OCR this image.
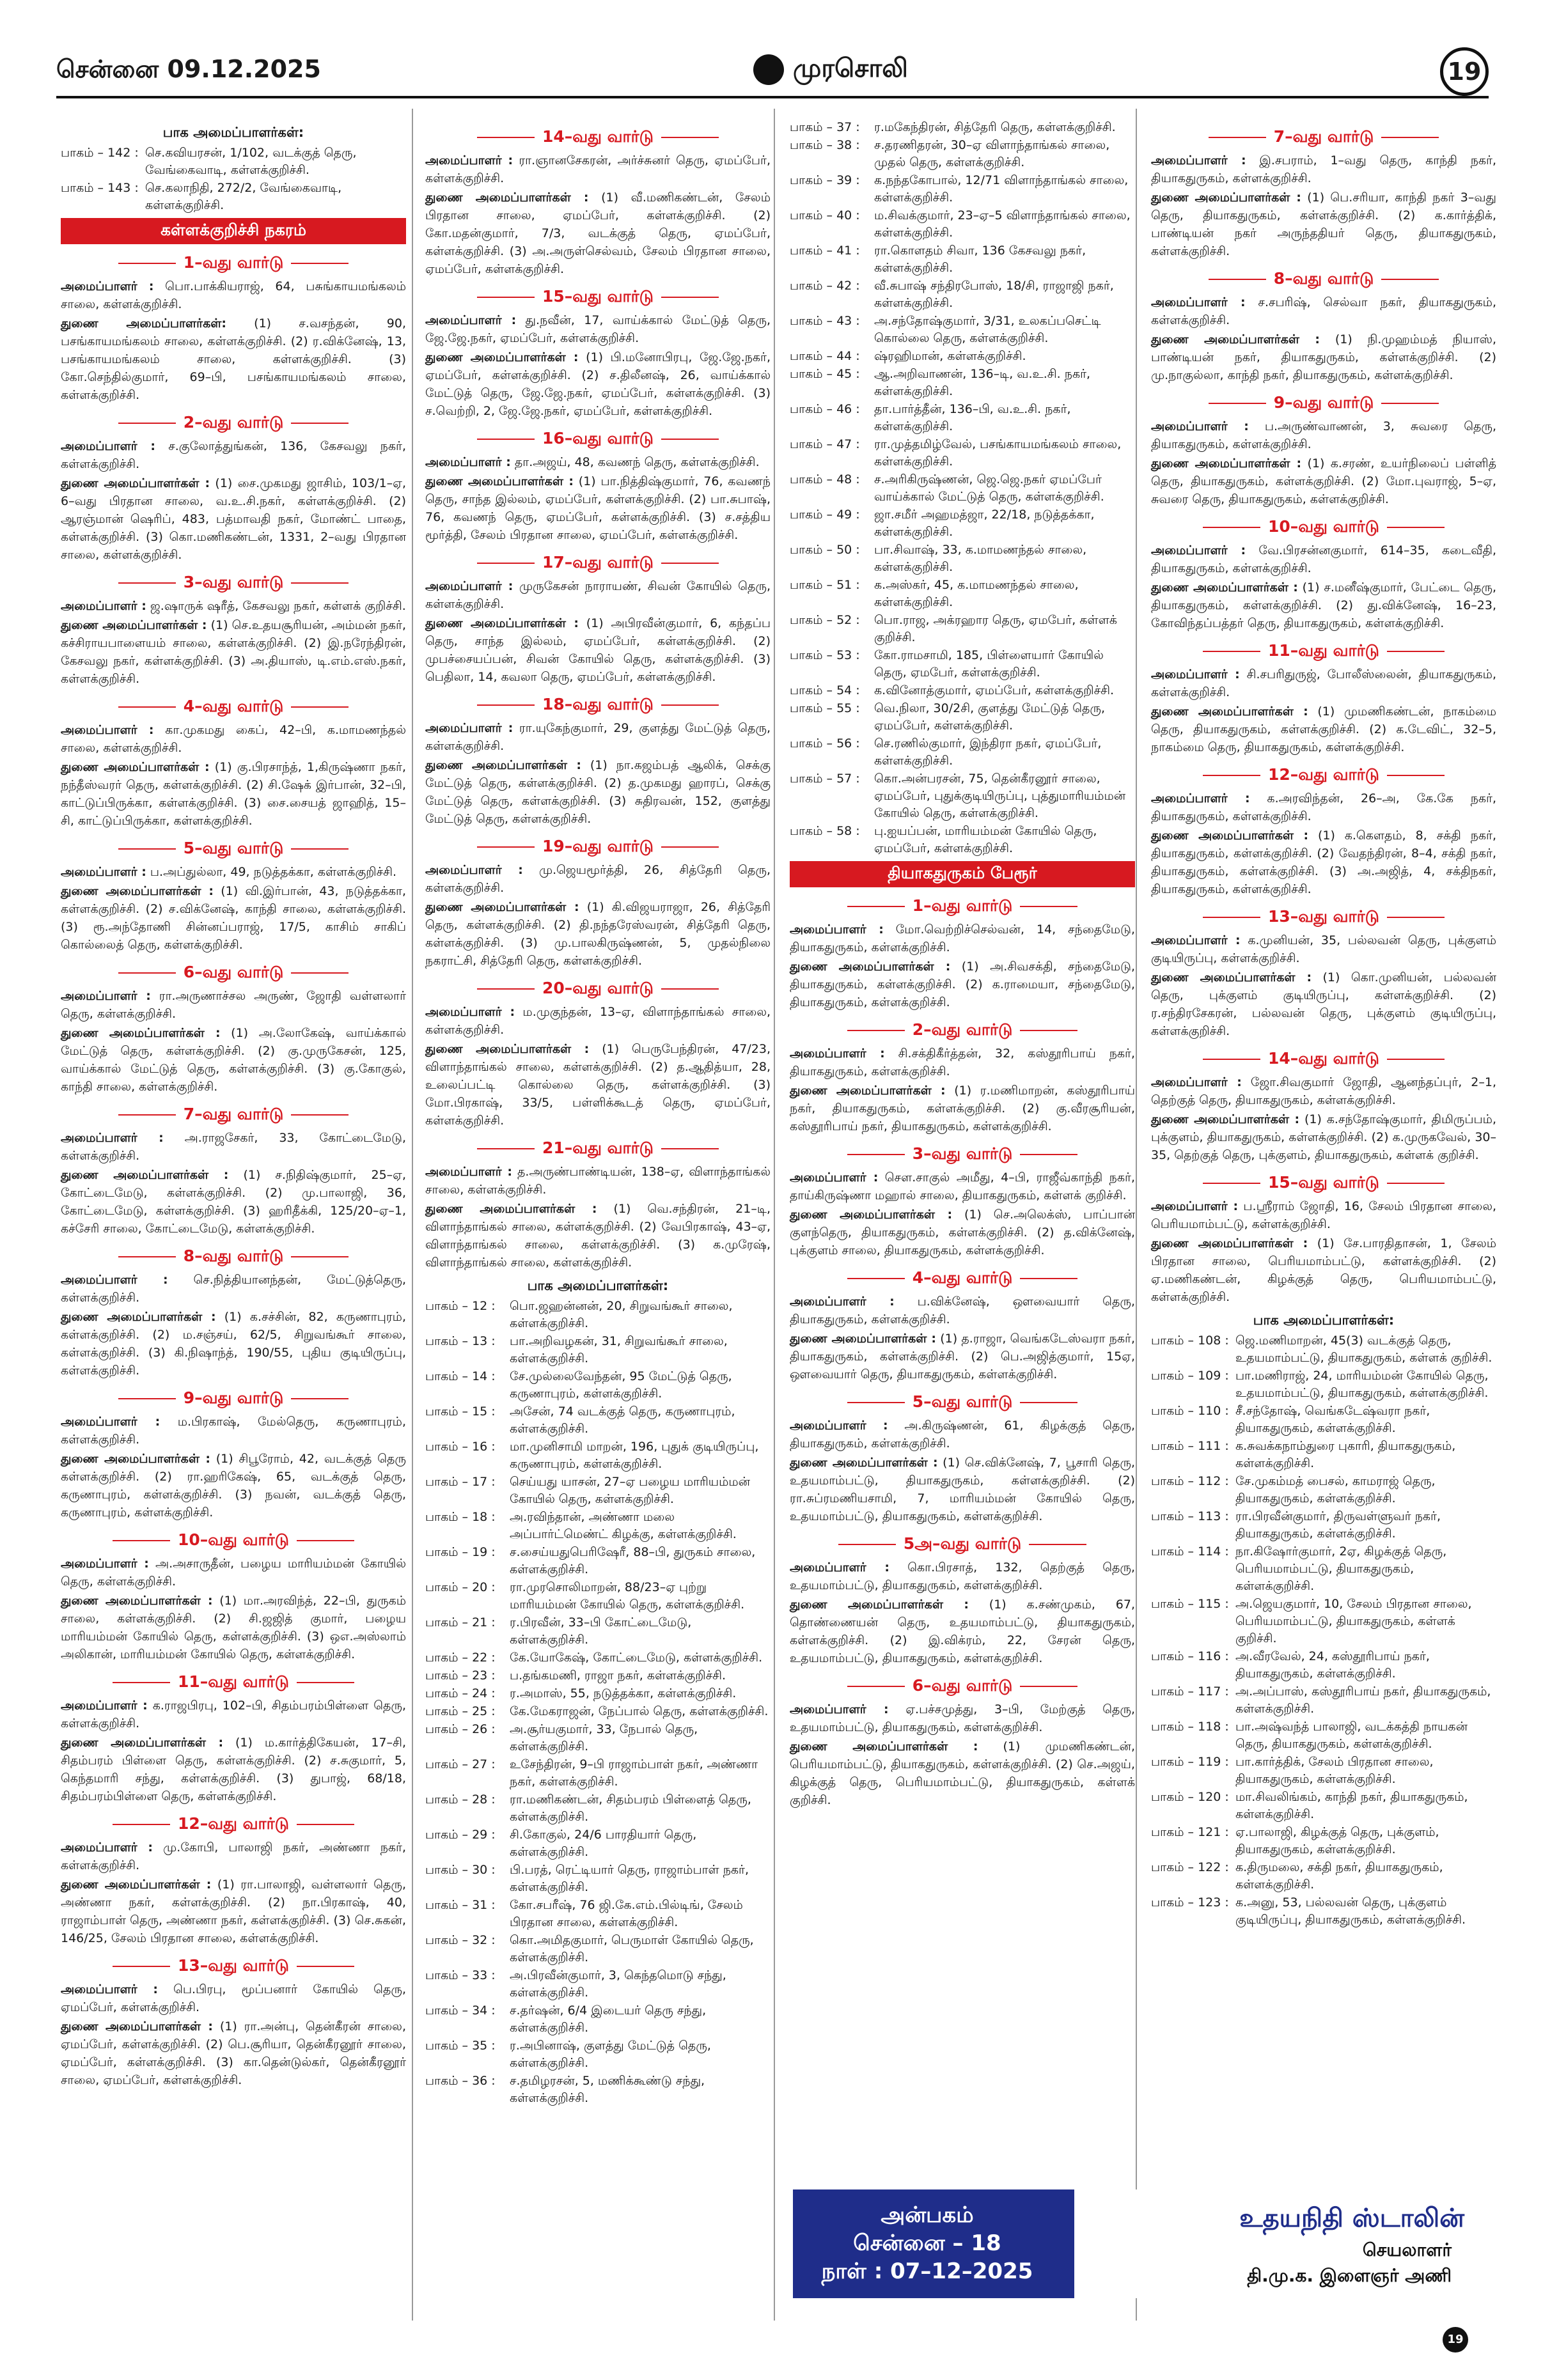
சென்னை 09.12.2025	முரசொலி	19
பாக அமைப்பாளர்கள்:
பாகம் – 142 : செ.கவியரசன், 1/102, வடக்குத் தெரு, வேங்கைவாடி, கள்ளக்குறிச்சி.
பாகம் – 143 : செ.கலாநிதி, 272/2, வேங்கைவாடி, கள்ளக்குறிச்சி.
கள்ளக்குறிச்சி நகரம்
1–வது வார்டு
அமைப்பாளர் : பொ.பாக்கியராஜ், 64, பசுங்காயமங்கலம் சாலை, கள்ளக்குறிச்சி.
துணை அமைப்பாளர்கள்: (1) ச.வசந்தன், 90, பசங்காயமங்கலம் சாலை, கள்ளக்குறிச்சி. (2) ர.விக்னேஷ், 13, பசங்காயமங்கலம் சாலை, கள்ளக்குறிச்சி. (3) கோ.செந்தில்குமார், 69–பி, பசங்காயமங்கலம் சாலை, கள்ளக்குறிச்சி.
2–வது வார்டு
அமைப்பாளர் : ச.குலோத்துங்கன், 136, கேசவலு நகர், கள்ளக்குறிச்சி.
துணை அமைப்பாளர்கள் : (1) சை.முகமது ஜாசிம், 103/1–ஏ, 6–வது பிரதான சாலை, வ.உ.சி.நகர், கள்ளக்குறிச்சி. (2) ஆரஞ்மான் ஷெரிப், 483, பத்மாவதி நகர், மோண்ட் பாதை, கள்ளக்குறிச்சி. (3) கொ.மணிகண்டன், 1331, 2–வது பிரதான சாலை, கள்ளக்குறிச்சி.
3–வது வார்டு
அமைப்பாளர் : ஜ.ஷாருக் ஷரீத், கேசவலு நகர், கள்ளக் குறிச்சி.
துணை அமைப்பாளர்கள் : (1) செ.உதயசூரியன், அம்மன் நகர், கச்சிராயபாளையம் சாலை, கள்ளக்குறிச்சி. (2) இ.நரேந்திரன், கேசவலு நகர், கள்ளக்குறிச்சி. (3) அ.தியாஸ், டி.எம்.எஸ்.நகர், கள்ளக்குறிச்சி.
4–வது வார்டு
அமைப்பாளர் : கா.முகமது கைப், 42–பி, க.மாமணந்தல் சாலை, கள்ளக்குறிச்சி.
துணை அமைப்பாளர்கள் : (1) கு.பிரசாந்த், 1,கிருஷ்ணா நகர், நந்தீஸ்வரர் தெரு, கள்ளக்குறிச்சி. (2) சி.ஷேக் இர்பான், 32–பி, காட்டுப்பிருக்கா, கள்ளக்குறிச்சி. (3) சை.சையத் ஜாஹித், 15–சி, காட்டுப்பிருக்கா, கள்ளக்குறிச்சி.
5–வது வார்டு
அமைப்பாளர் : ப.அப்துல்லா, 49, நடுத்தக்கா, கள்ளக்குறிச்சி.
துணை அமைப்பாளர்கள் : (1) வி.இர்பான், 43, நடுத்தக்கா, கள்ளக்குறிச்சி. (2) ச.விக்னேஷ், காந்தி சாலை, கள்ளக்குறிச்சி. (3) ரூ.அந்தோணி சின்னப்பராஜ், 17/5, காசிம் சாகிப் கொல்லைத் தெரு, கள்ளக்குறிச்சி.
6–வது வார்டு
அமைப்பாளர் : ரா.அருணாச்சல அருண், ஜோதி வள்ளலார் தெரு, கள்ளக்குறிச்சி.
துணை அமைப்பாளர்கள் : (1) அ.லோகேஷ், வாய்க்கால் மேட்டுத் தெரு, கள்ளக்குறிச்சி. (2) கு.முருகேசன், 125, வாய்க்கால் மேட்டுத் தெரு, கள்ளக்குறிச்சி. (3) கு.கோகுல், காந்தி சாலை, கள்ளக்குறிச்சி.
7–வது வார்டு
அமைப்பாளர் : அ.ராஜசேகர், 33, கோட்டைமேடு, கள்ளக்குறிச்சி.
துணை அமைப்பாளர்கள் : (1) ச.நிதிஷ்குமார், 25–ஏ, கோட்டைமேடு, கள்ளக்குறிச்சி. (2) மு.பாலாஜி, 36, கோட்டைமேடு, கள்ளக்குறிச்சி. (3) ஹரிதீக்கி, 125/20–ஏ–1, கச்சேரி சாலை, கோட்டைமேடு, கள்ளக்குறிச்சி.
8–வது வார்டு
அமைப்பாளர் : செ.நித்தியானந்தன், மேட்டுத்தெரு, கள்ளக்குறிச்சி.
துணை அமைப்பாளர்கள் : (1) க.சச்சின், 82, கருணாபுரம், கள்ளக்குறிச்சி. (2) ம.சஞ்சய், 62/5, சிறுவங்கூர் சாலை, கள்ளக்குறிச்சி. (3) கி.நிஷாந்த், 190/55, புதிய குடியிருப்பு, கள்ளக்குறிச்சி.
9–வது வார்டு
அமைப்பாளர் : ம.பிரகாஷ், மேல்தெரு, கருணாபுரம், கள்ளக்குறிச்சி.
துணை அமைப்பாளர்கள் : (1) சிபூரோம், 42, வடக்குத் தெரு கள்ளக்குறிச்சி. (2) ரா.ஹரிகேஷ், 65, வடக்குத் தெரு, கருணாபுரம், கள்ளக்குறிச்சி. (3) நவன், வடக்குத் தெரு, கருணாபுரம், கள்ளக்குறிச்சி.
10–வது வார்டு
அமைப்பாளர் : அ.அசாருதீன், பழைய மாரியம்மன் கோயில் தெரு, கள்ளக்குறிச்சி.
துணை அமைப்பாளர்கள் : (1) மா.அரவிந்த், 22–பி, துருகம் சாலை, கள்ளக்குறிச்சி. (2) சி.ஜஜித் குமார், பழைய மாரியம்மன் கோயில் தெரு, கள்ளக்குறிச்சி. (3) ஒஎ.அஸ்லாம் அலிகான், மாரியம்மன் கோயில் தெரு, கள்ளக்குறிச்சி.
11–வது வார்டு
அமைப்பாளர் : க.ராஜபிரபு, 102–பி, சிதம்பரம்பிள்ளை தெரு, கள்ளக்குறிச்சி.
துணை அமைப்பாளர்கள் : (1) ம.கார்த்திகேயன், 17–சி, சிதம்பரம் பிள்ளை தெரு, கள்ளக்குறிச்சி. (2) ச.சுகுமார், 5, கெந்தமாரி சந்து, கள்ளக்குறிச்சி. (3) துபாஜ், 68/18, சிதம்பரம்பிள்ளை தெரு, கள்ளக்குறிச்சி.
12–வது வார்டு
அமைப்பாளர் : மு.கோபி, பாலாஜி நகர், அண்ணா நகர், கள்ளக்குறிச்சி.
துணை அமைப்பாளர்கள் : (1) ரா.பாலாஜி, வள்ளலார் தெரு, அண்ணா நகர், கள்ளக்குறிச்சி. (2) நா.பிரகாஷ், 40, ராஜாம்பாள் தெரு, அண்ணா நகர், கள்ளக்குறிச்சி. (3) செ.சுகன், 146/25, சேலம் பிரதான சாலை, கள்ளக்குறிச்சி.
13–வது வார்டு
அமைப்பாளர் : பெ.பிரபு, மூப்பனார் கோயில் தெரு, ஏமப்பேர், கள்ளக்குறிச்சி.
துணை அமைப்பாளர்கள் : (1) ரா.அன்பு, தென்கீரன் சாலை, ஏமப்பேர், கள்ளக்குறிச்சி. (2) பெ.சூரியா, தென்கீரனூர் சாலை, ஏமப்பேர், கள்ளக்குறிச்சி. (3) கா.தென்டுல்கர், தென்கீரனூர் சாலை, ஏமப்பேர், கள்ளக்குறிச்சி.
14–வது வார்டு
அமைப்பாளர் : ரா.ஞானசேகரன், அர்ச்சுனர் தெரு, ஏமப்பேர், கள்ளக்குறிச்சி.
துணை அமைப்பாளர்கள் : (1) வீ.மணிகண்டன், சேலம் பிரதான சாலை, ஏமப்பேர், கள்ளக்குறிச்சி. (2) கோ.மதன்குமார், 7/3, வடக்குத் தெரு, ஏமப்பேர், கள்ளக்குறிச்சி. (3) அ.அருள்செல்வம், சேலம் பிரதான சாலை, ஏமப்பேர், கள்ளக்குறிச்சி.
15–வது வார்டு
அமைப்பாளர் : து.நவீன், 17, வாய்க்கால் மேட்டுத் தெரு, ஜே.ஜே.நகர், ஏமப்பேர், கள்ளக்குறிச்சி.
துணை அமைப்பாளர்கள் : (1) பி.மனோபிரபு, ஜே.ஜே.நகர், ஏமப்பேர், கள்ளக்குறிச்சி. (2) ச.திலீனஷ், 26, வாய்க்கால் மேட்டுத் தெரு, ஜே.ஜே.நகர், ஏமப்பேர், கள்ளக்குறிச்சி. (3) ச.வெற்றி, 2, ஜே.ஜே.நகர், ஏமப்பேர், கள்ளக்குறிச்சி.
16–வது வார்டு
அமைப்பாளர் : தா.அஜய், 48, கவணந் தெரு, கள்ளக்குறிச்சி.
துணை அமைப்பாளர்கள் : (1) பா.நித்திஷ்குமார், 76, கவணந் தெரு, சாந்த இல்லம், ஏமப்பேர், கள்ளக்குறிச்சி. (2) பா.சுபாஷ், 76, கவணந் தெரு, ஏமப்பேர், கள்ளக்குறிச்சி. (3) ச.சத்திய மூர்த்தி, சேலம் பிரதான சாலை, ஏமப்பேர், கள்ளக்குறிச்சி.
17–வது வார்டு
அமைப்பாளர் : முருகேசன் நாராயண், சிவன் கோயில் தெரு, கள்ளக்குறிச்சி.
துணை அமைப்பாளர்கள் : (1) அபிரவீன்குமார், 6, கந்தப்ப தெரு, சாந்த இல்லம், ஏமப்பேர், கள்ளக்குறிச்சி. (2) முபச்சையப்பன், சிவன் கோயில் தெரு, கள்ளக்குறிச்சி. (3) பெதிலா, 14, கவலா தெரு, ஏமப்பேர், கள்ளக்குறிச்சி.
18–வது வார்டு
அமைப்பாளர் : ரா.யுகேந்குமார், 29, குளத்து மேட்டுத் தெரு, கள்ளக்குறிச்சி.
துணை அமைப்பாளர்கள் : (1) நா.கஜம்பத் ஆலிக், செக்கு மேட்டுத் தெரு, கள்ளக்குறிச்சி. (2) த.முகமது ஹாரப், செக்கு மேட்டுத் தெரு, கள்ளக்குறிச்சி. (3) சுதிரவன், 152, குளத்து மேட்டுத் தெரு, கள்ளக்குறிச்சி.
19–வது வார்டு
அமைப்பாளர் : மு.ஜெயமூர்த்தி, 26, சித்தேரி தெரு, கள்ளக்குறிச்சி.
துணை அமைப்பாளர்கள் : (1) கி.விஜயராஜா, 26, சித்தேரி தெரு, கள்ளக்குறிச்சி. (2) தி.நந்தரேஸ்வரன், சித்தேரி தெரு, கள்ளக்குறிச்சி. (3) மு.பாலகிருஷ்ணன், 5, முதல்நிலை நகராட்சி, சித்தேரி தெரு, கள்ளக்குறிச்சி.
20–வது வார்டு
அமைப்பாளர் : ம.முகுந்தன், 13–ஏ, விளாந்தாங்கல் சாலை, கள்ளக்குறிச்சி.
துணை அமைப்பாளர்கள் : (1) பெருபேந்திரன், 47/23, விளாந்தாங்கல் சாலை, கள்ளக்குறிச்சி. (2) த.ஆதித்யா, 28, உலைப்பட்டி கொல்லை தெரு, கள்ளக்குறிச்சி. (3) மோ.பிரகாஷ், 33/5, பள்ளிக்கூடத் தெரு, ஏமப்பேர், கள்ளக்குறிச்சி.
21–வது வார்டு
அமைப்பாளர் : த.அருண்பாண்டியன், 138–ஏ, விளாந்தாங்கல் சாலை, கள்ளக்குறிச்சி.
துணை அமைப்பாளர்கள் : (1) வெ.சந்திரன், 21–டி, விளாந்தாங்கல் சாலை, கள்ளக்குறிச்சி. (2) வேபிரகாஷ், 43–ஏ, விளாந்தாங்கல் சாலை, கள்ளக்குறிச்சி. (3) க.முரேஷ், விளாந்தாங்கல் சாலை, கள்ளக்குறிச்சி.
பாக அமைப்பாளர்கள்:
பாகம் – 12 :	பொ.ஜஹன்னன், 20, சிறுவங்கூர் சாலை, கள்ளக்குறிச்சி.
பாகம் – 13 :	பா.அறிவழகன், 31, சிறுவங்கூர் சாலை, கள்ளக்குறிச்சி.
பாகம் – 14 :	சே.முல்லைவேந்தன், 95 மேட்டுத் தெரு, கருணாபுரம், கள்ளக்குறிச்சி.
பாகம் – 15 :	அசேன், 74 வடக்குத் தெரு, கருணாபுரம், கள்ளக்குறிச்சி.
பாகம் – 16 :	மா.முனிசாமி மாறன், 196, புதுக் குடியிருப்பு, கருணாபுரம், கள்ளக்குறிச்சி.
பாகம் – 17 :	செய்யது யாசன், 27–ஏ பழைய மாரியம்மன் கோயில் தெரு, கள்ளக்குறிச்சி.
பாகம் – 18 :	அ.ரவிந்தான், அண்ணா மலை அப்பார்ட்மெண்ட் கிழக்கு, கள்ளக்குறிச்சி.
பாகம் – 19 :	ச.சைய்யதுபெரிஷேரீ, 88–பி, துருகம் சாலை, கள்ளக்குறிச்சி.
பாகம் – 20 :	ரா.முரசொலிமாறன், 88/23–ஏ புற்று மாரியம்மன் கோயில் தெரு, கள்ளக்குறிச்சி.
பாகம் – 21 :	ர.பிரவீன், 33–பி கோட்டைமேடு, கள்ளக்குறிச்சி.
பாகம் – 22 :	கே.யோகேஷ், கோட்டைமேடு, கள்ளக்குறிச்சி.
பாகம் – 23 :	ப.தங்கமணி, ராஜா நகர், கள்ளக்குறிச்சி.
பாகம் – 24 :	ர.அமாஸ், 55, நடுத்தக்கா, கள்ளக்குறிச்சி.
பாகம் – 25 :	கே.மேகராஜன், நேப்பால் தெரு, கள்ளக்குறிச்சி.
பாகம் – 26 :	அ.சூர்யகுமார், 33, நேபால் தெரு, கள்ளக்குறிச்சி.
பாகம் – 27 :	உசேந்திரன், 9–பி ராஜாம்பாள் நகர், அண்ணா நகர், கள்ளக்குறிச்சி.
பாகம் – 28 :	ரா.மணிகண்டன், சிதம்பரம் பிள்ளைத் தெரு, கள்ளக்குறிச்சி.
பாகம் – 29 :	சி.கோகுல், 24/6 பாரதியார் தெரு, கள்ளக்குறிச்சி.
பாகம் – 30 :	பி.பரத், ரெட்டியார் தெரு, ராஜாம்பாள் நகர், கள்ளக்குறிச்சி.
பாகம் – 31 :	கோ.சபரீஷ், 76 ஜி.கே.எம்.பில்டிங், சேலம் பிரதான சாலை, கள்ளக்குறிச்சி.
பாகம் – 32 :	கொ.அமிதகுமார், பெருமாள் கோயில் தெரு, கள்ளக்குறிச்சி.
பாகம் – 33 :	அ.பிரவீன்குமார், 3, கெந்தமொடு சந்து, கள்ளக்குறிச்சி.
பாகம் – 34 :	ச.தர்ஷன், 6/4 இடையர் தெரு சந்து, கள்ளக்குறிச்சி.
பாகம் – 35 :	ர.அபினாஷ், குளத்து மேட்டுத் தெரு, கள்ளக்குறிச்சி.
பாகம் – 36 :	ச.தமிழரசன், 5, மணிக்கூண்டு சந்து, கள்ளக்குறிச்சி.
பாகம் – 37 :	ர.மகேந்திரன், சித்தேரி தெரு, கள்ளக்குறிச்சி.
பாகம் – 38 :	ச.தரணிதரன், 30–ஏ விளாந்தாங்கல் சாலை, முதல் தெரு, கள்ளக்குறிச்சி.
பாகம் – 39 :	க.நந்தகோபால், 12/71 விளாந்தாங்கல் சாலை, கள்ளக்குறிச்சி.
பாகம் – 40 :	ம.சிவக்குமார், 23–ஏ–5 விளாந்தாங்கல் சாலை, கள்ளக்குறிச்சி.
பாகம் – 41 :	ரா.கொளதம் சிவா, 136 கேசவலு நகர், கள்ளக்குறிச்சி.
பாகம் – 42 :	வீ.சுபாஷ் சந்திரபோஸ், 18/சி, ராஜாஜி நகர், கள்ளக்குறிச்சி.
பாகம் – 43 :	அ.சந்தோஷ்குமார், 3/31, உலகப்பசெட்டி கொல்லை தெரு, கள்ளக்குறிச்சி.
பாகம் – 44 :	ஷ்ரஹிமான், கள்ளக்குறிச்சி.
பாகம் – 45 :	ஆ.அறிவாணன், 136–டி, வ.உ.சி. நகர், கள்ளக்குறிச்சி.
பாகம் – 46 :	தா.பார்த்தீன், 136–பி, வ.உ.சி. நகர், கள்ளக்குறிச்சி.
பாகம் – 47 :	ரா.முத்தமிழ்வேல், பசங்காயமங்கலம் சாலை, கள்ளக்குறிச்சி.
பாகம் – 48 :	ச.அரிகிருஷ்ணன், ஜெ.ஜெ.நகர் ஏமப்பேர் வாய்க்கால் மேட்டுத் தெரு, கள்ளக்குறிச்சி.
பாகம் – 49 :	ஜா.சமீர் அஹமத்ஜா, 22/18, நடுத்தக்கா, கள்ளக்குறிச்சி.
பாகம் – 50 :	பா.சிவாஷ், 33, க.மாமணந்தல் சாலை, கள்ளக்குறிச்சி.
பாகம் – 51 :	க.அஸ்கர், 45, க.மாமணந்தல் சாலை, கள்ளக்குறிச்சி.
பாகம் – 52 :	பொ.ராஜ, அக்ரஹார தெரு, ஏமபேர், கள்ளக் குறிச்சி.
பாகம் – 53 :	கோ.ராமசாமி, 185, பிள்ளையார் கோயில் தெரு, ஏமபேர், கள்ளக்குறிச்சி.
பாகம் – 54 :	க.வினோத்குமார், ஏமப்பேர், கள்ளக்குறிச்சி.
பாகம் – 55 :	வெ.நிலா, 30/2சி, குளத்து மேட்டுத் தெரு, ஏமப்பேர், கள்ளக்குறிச்சி.
பாகம் – 56 :	செ.ரணில்குமார், இந்திரா நகர், ஏமப்பேர், கள்ளக்குறிச்சி.
பாகம் – 57 :	கொ.அன்பரசன், 75, தென்கீரனூர் சாலை, ஏமப்பேர், புதுக்குடியிருப்பு, புத்துமாரியம்மன் கோயில் தெரு, கள்ளக்குறிச்சி.
பாகம் – 58 :	பு.ஐயப்பன், மாரியம்மன் கோயில் தெரு, ஏமப்பேர், கள்ளக்குறிச்சி.
தியாகதுருகம் பேரூர்
1–வது வார்டு
அமைப்பாளர் : மோ.வெற்றிச்செல்வன், 14, சந்தைமேடு, தியாகதுருகம், கள்ளக்குறிச்சி.
துணை அமைப்பாளர்கள் : (1) அ.சிவசக்தி, சந்தைமேடு, தியாகதுருகம், கள்ளக்குறிச்சி. (2) க.ராமையா, சந்தைமேடு, தியாகதுருகம், கள்ளக்குறிச்சி.
2–வது வார்டு
அமைப்பாளர் : சி.சக்திகீர்த்தன், 32, கஸ்தூரிபாய் நகர், தியாகதுருகம், கள்ளக்குறிச்சி.
துணை அமைப்பாளர்கள் : (1) ர.மணிமாறன், கஸ்தூரிபாய் நகர், தியாகதுருகம், கள்ளக்குறிச்சி. (2) கு.வீரசூரியன், கஸ்தூரிபாய் நகர், தியாகதுருகம், கள்ளக்குறிச்சி.
3–வது வார்டு
அமைப்பாளர் : சௌ.சாகுல் அமீது, 4–பி, ராஜீவ்காந்தி நகர், தாய்கிருஷ்ணா மஹால் சாலை, தியாகதுருகம், கள்ளக் குறிச்சி.
துணை அமைப்பாளர்கள் : (1) செ.அலெக்ஸ், பாப்பான் குளந்தெரு, தியாகதுருகம், கள்ளக்குறிச்சி. (2) த.விக்னேஷ், புக்குளம் சாலை, தியாகதுருகம், கள்ளக்குறிச்சி.
4–வது வார்டு
அமைப்பாளர் : ப.விக்னேஷ், ஔவையார் தெரு, தியாகதுருகம், கள்ளக்குறிச்சி.
துணை அமைப்பாளர்கள் : (1) த.ராஜா, வெங்கடேஸ்வரா நகர், தியாகதுருகம், கள்ளக்குறிச்சி. (2) பெ.அஜித்குமார், 15ஏ, ஔவையார் தெரு, தியாகதுருகம், கள்ளக்குறிச்சி.
5–வது வார்டு
அமைப்பாளர் : அ.கிருஷ்ணன், 61, கிழக்குத் தெரு, தியாகதுருகம், கள்ளக்குறிச்சி.
துணை அமைப்பாளர்கள் : (1) செ.விக்னேஷ், 7, பூசாரி தெரு, உதயமாம்பட்டு, தியாகதுருகம், கள்ளக்குறிச்சி. (2) ரா.சுப்ரமணியசாமி, 7, மாரியம்மன் கோயில் தெரு, உதயமாம்பட்டு, தியாகதுருகம், கள்ளக்குறிச்சி.
5அ–வது வார்டு
அமைப்பாளர் : கொ.பிரசாத், 132, தெற்குத் தெரு, உதயமாம்பட்டு, தியாகதுருகம், கள்ளக்குறிச்சி.
துணை அமைப்பாளர்கள் : (1) க.சண்முகம், 67, தொண்ணையன் தெரு, உதயமாம்பட்டு, தியாகதுருகம், கள்ளக்குறிச்சி. (2) இ.விக்ரம், 22, சேரன் தெரு, உதயமாம்பட்டு, தியாகதுருகம், கள்ளக்குறிச்சி.
6–வது வார்டு
அமைப்பாளர் : ஏ.பச்சமுத்து, 3–பி, மேற்குத் தெரு, உதயமாம்பட்டு, தியாகதுருகம், கள்ளக்குறிச்சி.
துணை அமைப்பாளர்கள் : (1) முமணிகண்டன், பெரியமாம்பட்டு, தியாகதுருகம், கள்ளக்குறிச்சி. (2) செ.அஜய், கிழக்குத் தெரு, பெரியமாம்பட்டு, தியாகதுருகம், கள்ளக் குறிச்சி.
7–வது வார்டு
அமைப்பாளர் : இ.சபராம், 1–வது தெரு, காந்தி நகர், தியாகதுருகம், கள்ளக்குறிச்சி.
துணை அமைப்பாளர்கள் : (1) பெ.சரியா, காந்தி நகர் 3–வது தெரு, தியாகதுருகம், கள்ளக்குறிச்சி. (2) க.கார்த்திக், பாண்டியன் நகர் அருந்ததியர் தெரு, தியாகதுருகம், கள்ளக்குறிச்சி.
8–வது வார்டு
அமைப்பாளர் : ச.சபரிஷ், செல்வா நகர், தியாகதுருகம், கள்ளக்குறிச்சி.
துணை அமைப்பாளர்கள் : (1) நி.முஹம்மத் நியாஸ், பாண்டியன் நகர், தியாகதுருகம், கள்ளக்குறிச்சி. (2) மு.நாகுல்லா, காந்தி நகர், தியாகதுருகம், கள்ளக்குறிச்சி.
9–வது வார்டு
அமைப்பாளர் : ப.அருண்வாணன், 3, சுவரை தெரு, தியாகதுருகம், கள்ளக்குறிச்சி.
துணை அமைப்பாளர்கள் : (1) க.சரண், உயர்நிலைப் பள்ளித் தெரு, தியாகதுருகம், கள்ளக்குறிச்சி. (2) மோ.புவராஜ், 5–ஏ, சுவரை தெரு, தியாகதுருகம், கள்ளக்குறிச்சி.
10–வது வார்டு
அமைப்பாளர் : வே.பிரசன்னகுமார், 614–35, கடைவீதி, தியாகதுருகம், கள்ளக்குறிச்சி.
துணை அமைப்பாளர்கள் : (1) ச.மனீஷ்குமார், பேட்டை தெரு, தியாகதுருகம், கள்ளக்குறிச்சி. (2) து.விக்னேஷ், 16–23, கோவிந்தப்பத்தர் தெரு, தியாகதுருகம், கள்ளக்குறிச்சி.
11–வது வார்டு
அமைப்பாளர் : சி.சபரிதுருஜ், போலீஸ்லைன், தியாகதுருகம், கள்ளக்குறிச்சி.
துணை அமைப்பாளர்கள் : (1) முமணிகண்டன், நாகம்மை தெரு, தியாகதுருகம், கள்ளக்குறிச்சி. (2) க.டேவிட், 32–5, நாகம்மை தெரு, தியாகதுருகம், கள்ளக்குறிச்சி.
12–வது வார்டு
அமைப்பாளர் : க.அரவிந்தன், 26–அ, கே.கே நகர், தியாகதுருகம், கள்ளக்குறிச்சி.
துணை அமைப்பாளர்கள் : (1) க.கெளதம், 8, சக்தி நகர், தியாகதுருகம், கள்ளக்குறிச்சி. (2) வேதந்திரன், 8–4, சக்தி நகர், தியாகதுருகம், கள்ளக்குறிச்சி. (3) அ.அஜித், 4, சக்திநகர், தியாகதுருகம், கள்ளக்குறிச்சி.
13–வது வார்டு
அமைப்பாளர் : க.முனியன், 35, பல்லவன் தெரு, புக்குளம் குடியிருப்பு, கள்ளக்குறிச்சி.
துணை அமைப்பாளர்கள் : (1) கொ.முனியன், பல்லவன் தெரு, புக்குளம் குடியிருப்பு, கள்ளக்குறிச்சி. (2) ர.சந்திரசேகரன், பல்லவன் தெரு, புக்குளம் குடியிருப்பு, கள்ளக்குறிச்சி.
14–வது வார்டு
அமைப்பாளர் : ஜோ.சிவகுமார் ஜோதி, ஆனந்தப்புர், 2–1, தெற்குத் தெரு, தியாகதுருகம், கள்ளக்குறிச்சி.
துணை அமைப்பாளர்கள் : (1) க.சந்தோஷ்குமார், திமிருப்பம், புக்குளம், தியாகதுருகம், கள்ளக்குறிச்சி. (2) க.முருகவேல், 30–35, தெற்குத் தெரு, புக்குளம், தியாகதுருகம், கள்ளக் குறிச்சி.
15–வது வார்டு
அமைப்பாளர் : ப.ஸ்ரீராம் ஜோதி, 16, சேலம் பிரதான சாலை, பெரியமாம்பட்டு, கள்ளக்குறிச்சி.
துணை அமைப்பாளர்கள் : (1) சே.பாரதிதாசன், 1, சேலம் பிரதான சாலை, பெரியமாம்பட்டு, கள்ளக்குறிச்சி. (2) ஏ.மணிகண்டன், கிழக்குத் தெரு, பெரியமாம்பட்டு, கள்ளக்குறிச்சி.
பாக அமைப்பாளர்கள்:
பாகம் – 108 : ஜெ.மணிமாறன், 45(3) வடக்குத் தெரு, உதயமாம்பட்டு, தியாகதுருகம், கள்ளக் குறிச்சி.
பாகம் – 109 : பா.மணிராஜ், 24, மாரியம்மன் கோயில் தெரு, உதயமாம்பட்டு, தியாகதுருகம், கள்ளக்குறிச்சி.
பாகம் – 110 : சீ.சந்தோஷ், வெங்கடேஷ்வரா நகர், தியாகதுருகம், கள்ளக்குறிச்சி.
பாகம் – 111 : க.சுவக்கநாம்துரை புகாரி, தியாகதுருகம், கள்ளக்குறிச்சி.
பாகம் – 112 : சே.முகம்மத் பைசல், காமராஜ் தெரு, தியாகதுருகம், கள்ளக்குறிச்சி.
பாகம் – 113 : ரா.பிரவீன்குமார், திருவள்ளுவர் நகர், தியாகதுருகம், கள்ளக்குறிச்சி.
பாகம் – 114 : நா.கிஷோர்குமார், 2ஏ, கிழக்குத் தெரு, பெரியமாம்பட்டு, தியாகதுருகம், கள்ளக்குறிச்சி.
பாகம் – 115 : அ.ஜெயகுமார், 10, சேலம் பிரதான சாலை, பெரியமாம்பட்டு, தியாகதுருகம், கள்ளக் குறிச்சி.
பாகம் – 116 : அ.வீரவேல், 24, கஸ்தூரிபாய் நகர், தியாகதுருகம், கள்ளக்குறிச்சி.
பாகம் – 117 : அ.அப்பாஸ், கஸ்தூரிபாய் நகர், தியாகதுருகம், கள்ளக்குறிச்சி.
பாகம் – 118 : பா.அஷ்வந்த் பாலாஜி, வடக்கத்தி நாயகன் தெரு, தியாகதுருகம், கள்ளக்குறிச்சி.
பாகம் – 119 : பா.கார்த்திக், சேலம் பிரதான சாலை, தியாகதுருகம், கள்ளக்குறிச்சி.
பாகம் – 120 : மா.சிவலிங்கம், காந்தி நகர், தியாகதுருகம், கள்ளக்குறிச்சி.
பாகம் – 121 : ஏ.பாலாஜி, கிழக்குத் தெரு, புக்குளம், தியாகதுருகம், கள்ளக்குறிச்சி.
பாகம் – 122 : க.திருமலை, சக்தி நகர், தியாகதுருகம், கள்ளக்குறிச்சி.
பாகம் – 123 : க.அனு, 53, பல்லவன் தெரு, புக்குளம் குடியிருப்பு, தியாகதுருகம், கள்ளக்குறிச்சி.
அன்பகம்
சென்னை – 18
நாள் : 07–12–2025
உதயநிதி ஸ்டாலின்
செயலாளர்
தி.மு.க. இளைஞர் அணி
19
